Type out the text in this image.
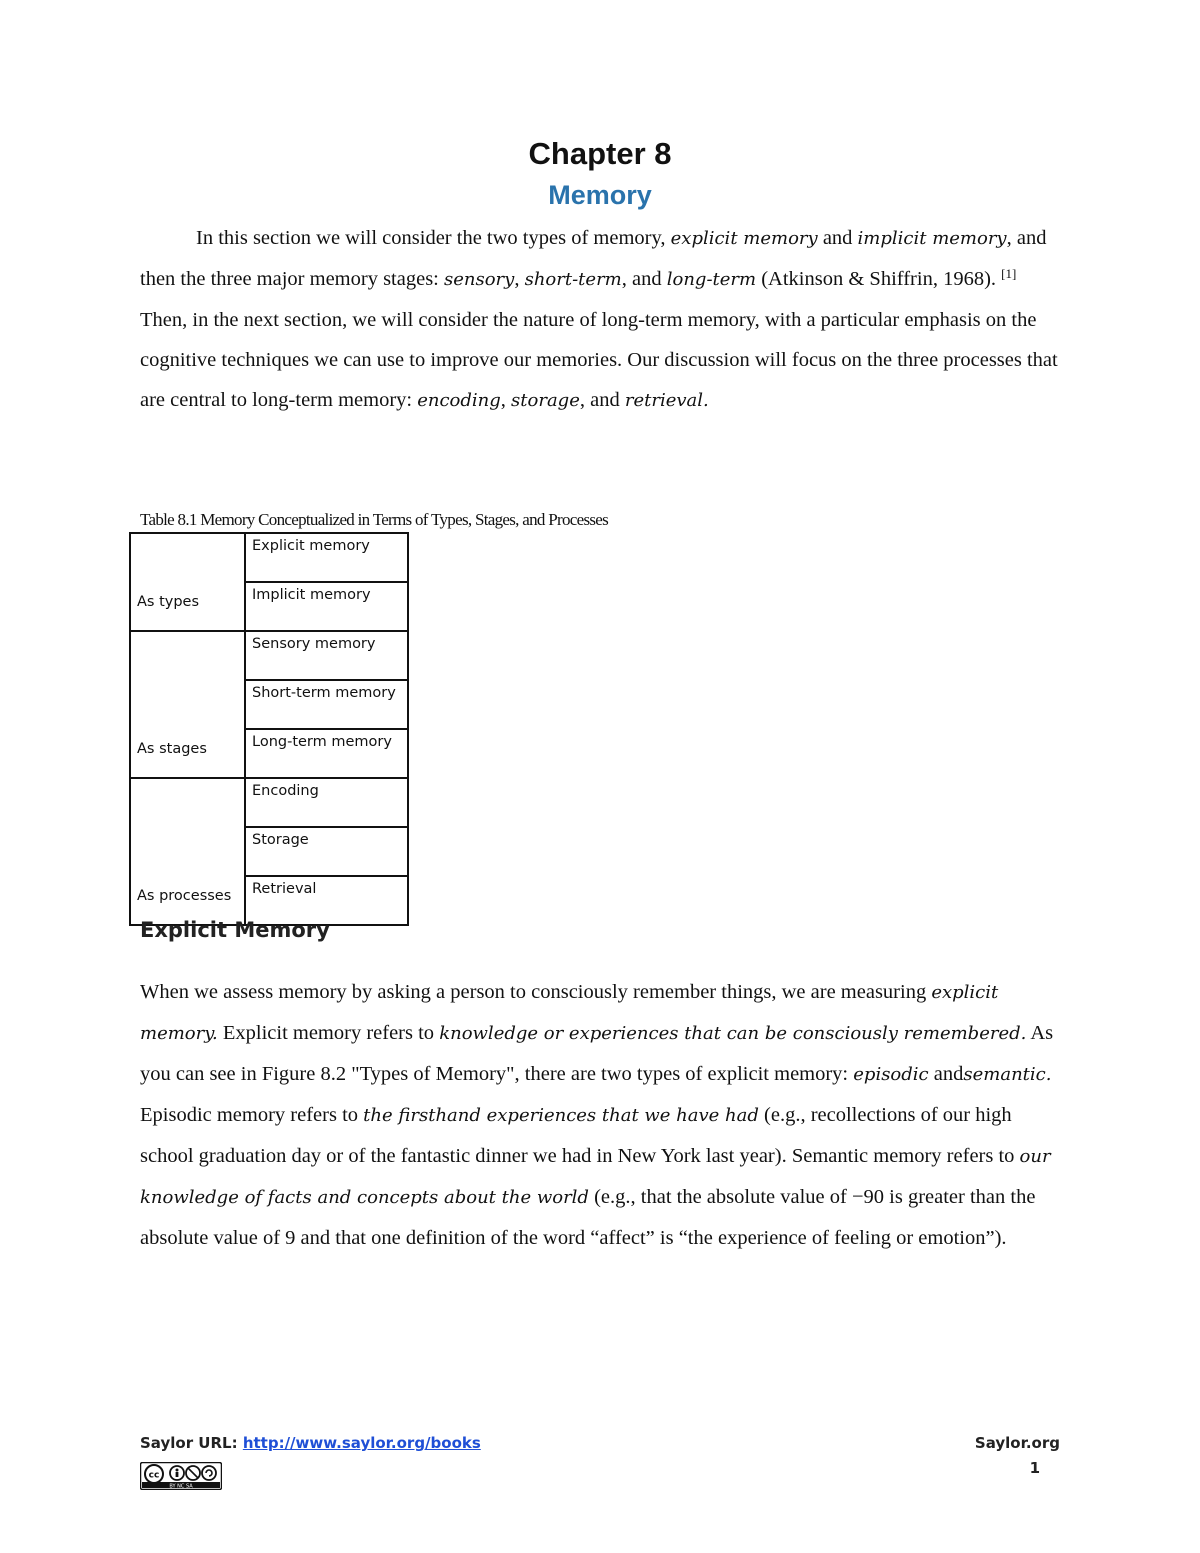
Chapter 8
Memory
In this section we will consider the two types of memory, explicit memory and implicit memory, and then the three major memory stages: sensory, short-term, and long-term (Atkinson & Shiffrin, 1968). [1] Then, in the next section, we will consider the nature of long-term memory, with a particular emphasis on the cognitive techniques we can use to improve our memories. Our discussion will focus on the three processes that are central to long-term memory: encoding, storage, and retrieval.
Table 8.1 Memory Conceptualized in Terms of Types, Stages, and Processes
As types	Explicit memory
	Implicit memory
As stages	Sensory memory
	Short-term memory
	Long-term memory
As processes	Encoding
	Storage
	Retrieval
Explicit Memory
When we assess memory by asking a person to consciously remember things, we are measuring explicit memory. Explicit memory refers to knowledge or experiences that can be consciously remembered. As you can see in Figure 8.2 "Types of Memory", there are two types of explicit memory: episodic andsemantic. Episodic memory refers to the firsthand experiences that we have had (e.g., recollections of our high school graduation day or of the fantastic dinner we had in New York last year). Semantic memory refers to our knowledge of facts and concepts about the world (e.g., that the absolute value of −90 is greater than the absolute value of 9 and that one definition of the word “affect” is “the experience of feeling or emotion”).
Saylor URL: http://www.saylor.org/books	Saylor.org
1
cc
BY NC SA
